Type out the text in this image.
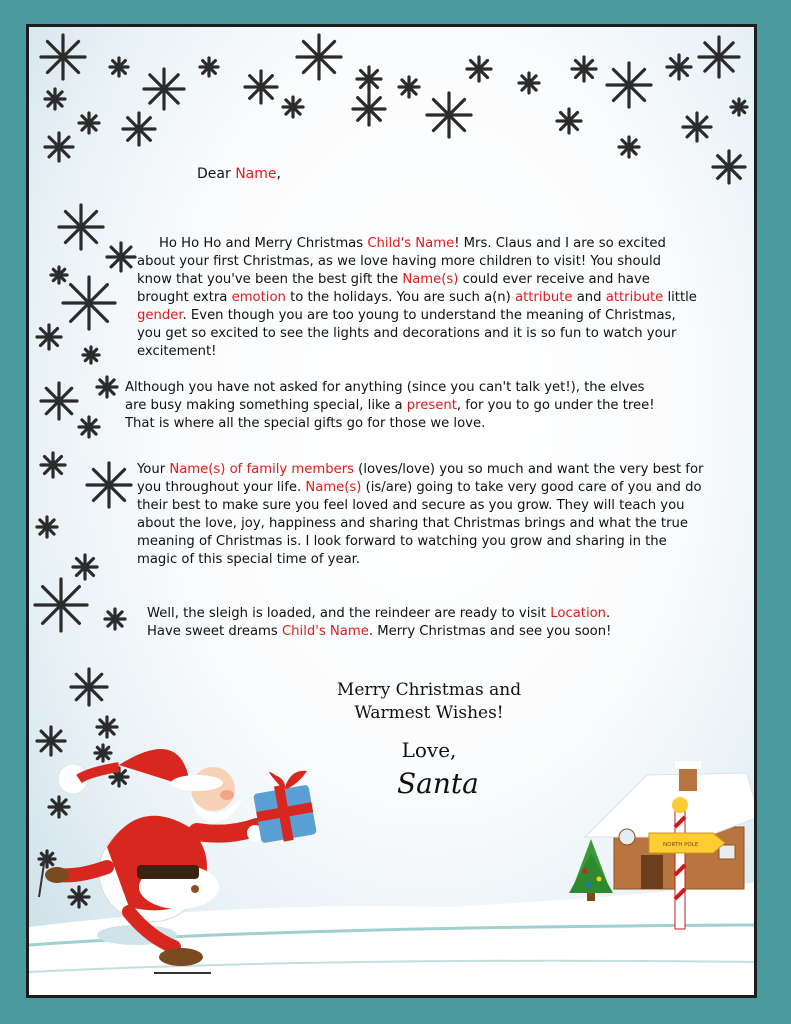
Dear Name,

Ho Ho Ho and Merry Christmas Child's Name! Mrs. Claus and I are so excited about your first Christmas, as we love having more children to visit! You should know that you've been the best gift the Name(s) could ever receive and have brought extra emotion to the holidays. You are such a(n) attribute and attribute little gender. Even though you are too young to understand the meaning of Christmas, you get so excited to see the lights and decorations and it is so fun to watch your excitement!

Although you have not asked for anything (since you can't talk yet!), the elves are busy making something special, like a present, for you to go under the tree! That is where all the special gifts go for those we love.

Your Name(s) of family members (loves/love) you so much and want the very best for you throughout your life. Name(s) (is/are) going to take very good care of you and do their best to make sure you feel loved and secure as you grow. They will teach you about the love, joy, happiness and sharing that Christmas brings and what the true meaning of Christmas is. I look forward to watching you grow and sharing in the magic of this special time of year.

Well, the sleigh is loaded, and the reindeer are ready to visit Location.
Have sweet dreams Child's Name. Merry Christmas and see you soon!

Merry Christmas and
Warmest Wishes!
Love,
Santa
NORTH POLE
